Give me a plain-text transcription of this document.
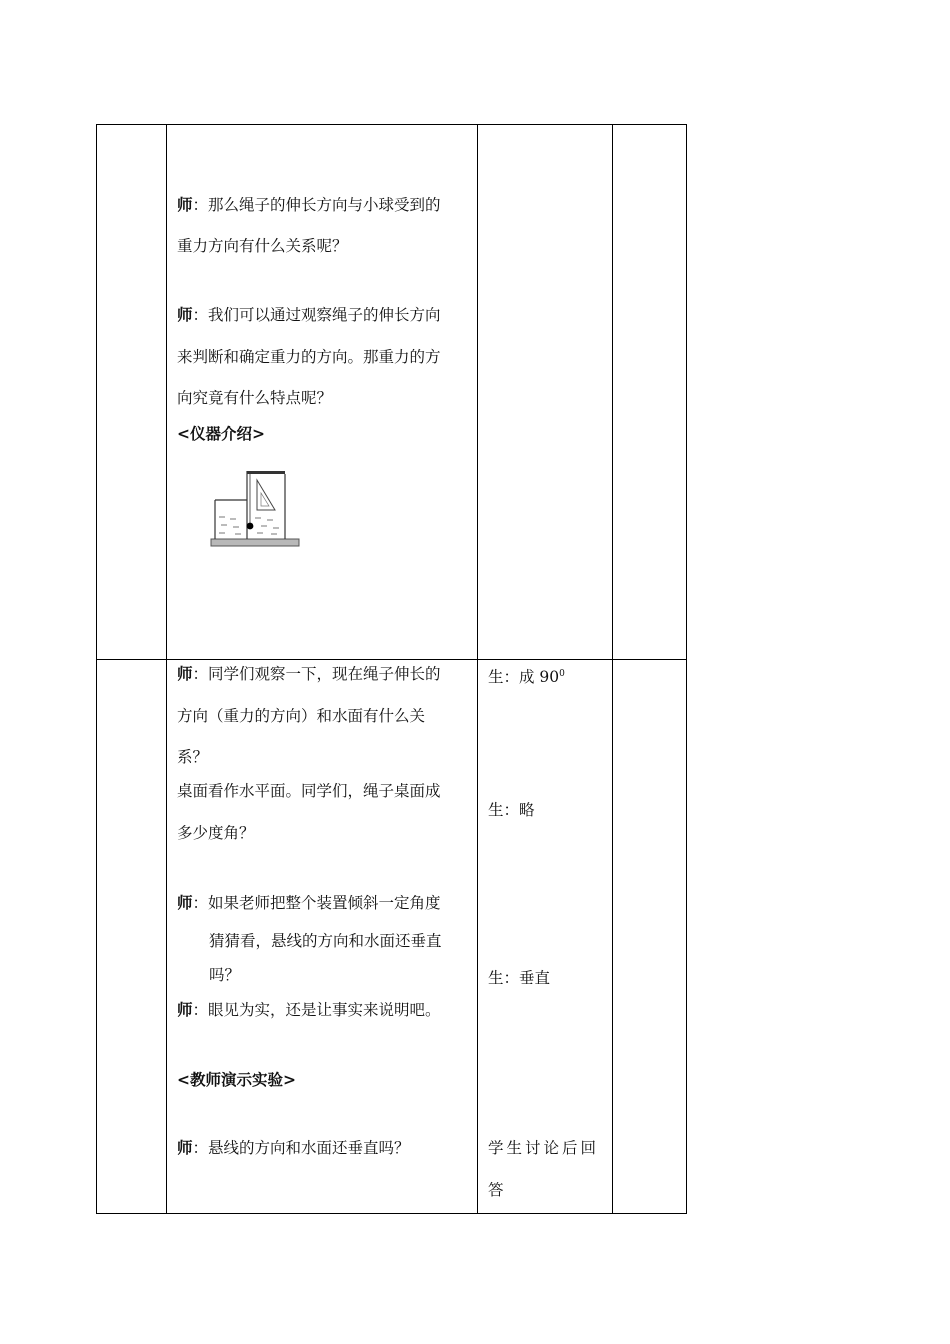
师：那么绳子的伸长方向与小球受到的
重力方向有什么关系呢？
师：我们可以通过观察绳子的伸长方向
来判断和确定重力的方向。那重力的方
向究竟有什么特点呢？
<仪器介绍>
师：同学们观察一下，现在绳子伸长的
方向（重力的方向）和水面有什么关
系？
桌面看作水平面。同学们，绳子桌面成
多少度角？
师：如果老师把整个装置倾斜一定角度
猜猜看，悬线的方向和水面还垂直
吗？
师：眼见为实，还是让事实来说明吧。
<教师演示实验>
师：悬线的方向和水面还垂直吗？
生：成 $90^0$
生：略
生：垂直
学生讨论后回
答
